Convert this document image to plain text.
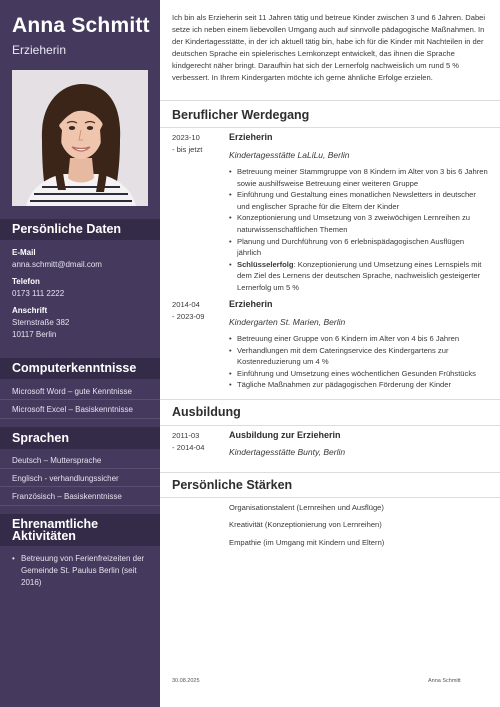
Anna Schmitt
Erzieherin
Persönliche Daten
E-Mail
anna.schmitt@dmail.com
Telefon
0173 111 2222
Anschrift
Sternstraße 382
10117 Berlin
Computerkenntnisse
Microsoft Word – gute Kenntnisse
Microsoft Excel – Basiskenntnisse
Sprachen
Deutsch – Muttersprache
Englisch - verhandlungssicher
Französisch – Basiskenntnisse
Ehrenamtliche
Aktivitäten
• Betreuung von Ferienfreizeiten der Gemeinde St. Paulus Berlin (seit 2016)
Ich bin als Erzieherin seit 11 Jahren tätig und betreue Kinder zwischen 3 und 6 Jahren. Dabei setze ich neben einem liebevollen Umgang auch auf sinnvolle pädagogische Maßnahmen. In der Kindertagesstätte, in der ich aktuell tätig bin, habe ich für die Kinder mit Nachteilen in der deutschen Sprache ein spielerisches Lernkonzept entwickelt, das ihnen die Sprache kindgerecht näher bringt. Daraufhin hat sich der Lernerfolg nachweislich um rund 5 % verbessert. In Ihrem Kindergarten möchte ich gerne ähnliche Erfolge erzielen.
Beruflicher Werdegang
2023-10
- bis jetzt
Erzieherin
Kindertagesstätte LaLiLu, Berlin
• Betreuung meiner Stammgruppe von 8 Kindern im Alter von 3 bis 6 Jahren sowie aushilfsweise Betreuung einer weiteren Gruppe
• Einführung und Gestaltung eines monatlichen Newsletters in deutscher und englischer Sprache für die Eltern der Kinder
• Konzeptionierung und Umsetzung von 3 zweiwöchigen Lernreihen zu naturwissenschaftlichen Themen
• Planung und Durchführung von 6 erlebnispädagogischen Ausflügen jährlich
• Schlüsselerfolg: Konzeptionierung und Umsetzung eines Lernspiels mit dem Ziel des Lernens der deutschen Sprache, nachweislich gesteigerter Lernerfolg um 5 %
2014-04
- 2023-09
Erzieherin
Kindergarten St. Marien, Berlin
• Betreuung einer Gruppe von 6 Kindern im Alter von 4 bis 6 Jahren
• Verhandlungen mit dem Cateringservice des Kindergartens zur Kostenreduzierung um 4 %
• Einführung und Umsetzung eines wöchentlichen Gesunden Frühstücks
• Tägliche Maßnahmen zur pädagogischen Förderung der Kinder
Ausbildung
2011-03
- 2014-04
Ausbildung zur Erzieherin
Kindertagesstätte Bunty, Berlin
Persönliche Stärken
Organisationstalent (Lernreihen und Ausflüge)
Kreativität (Konzeptionierung von Lernreihen)
Empathie (im Umgang mit Kindern und Eltern)
30.08.2025	Anna Schmitt
